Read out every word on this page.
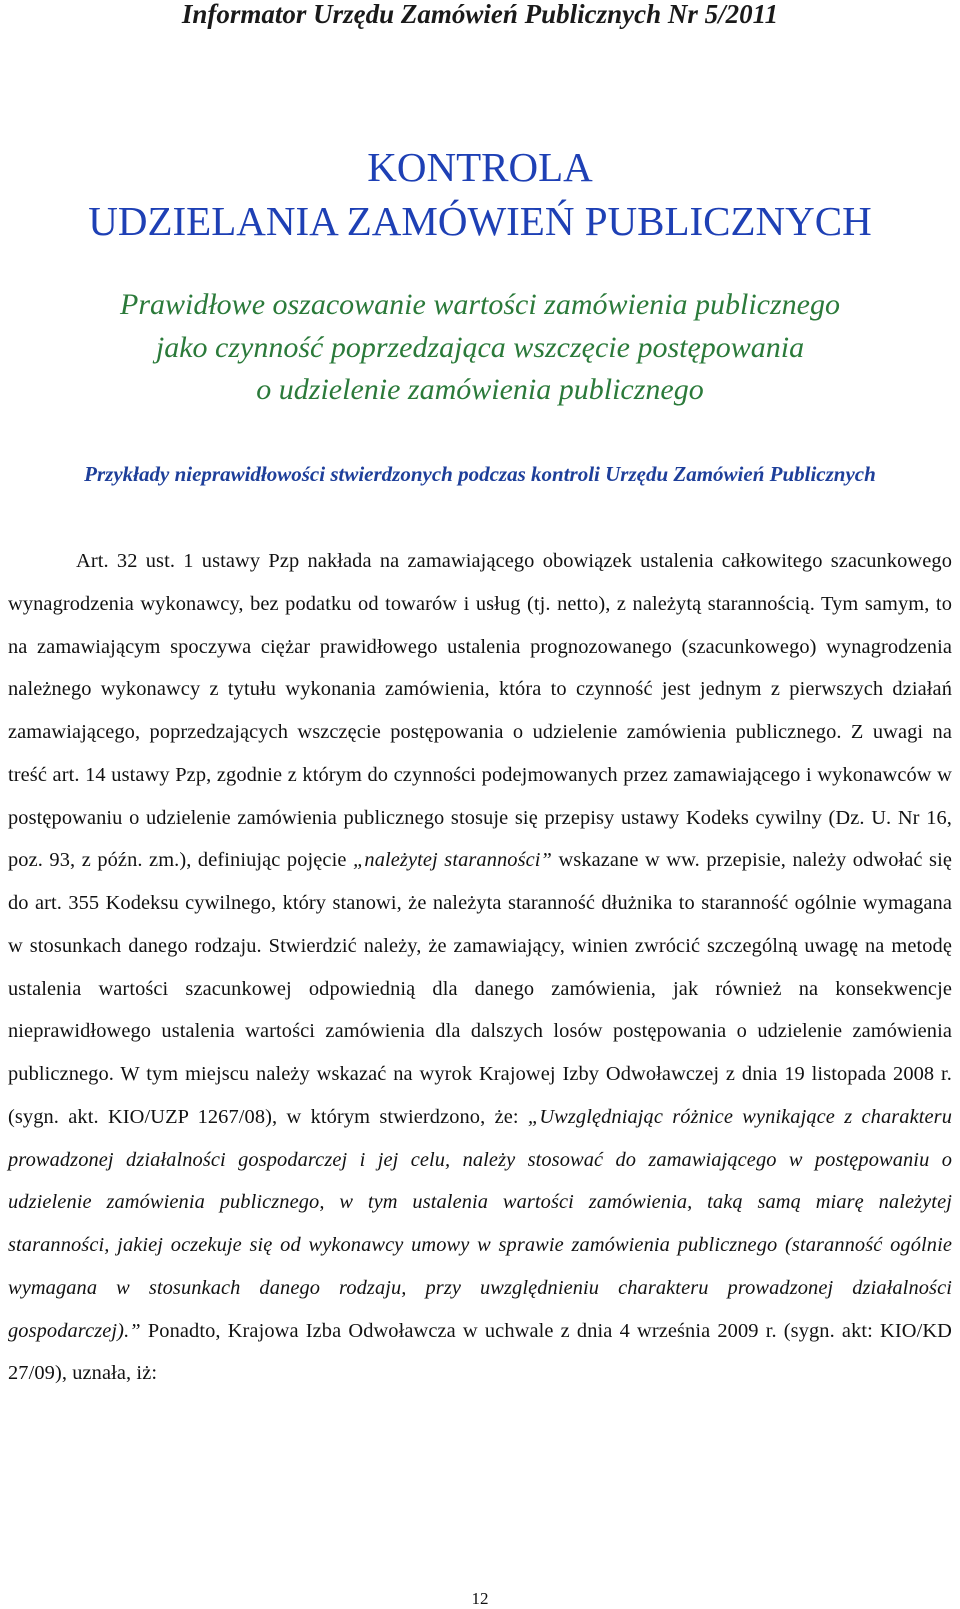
Informator Urzędu Zamówień Publicznych Nr 5/2011
KONTROLA
UDZIELANIA ZAMÓWIEŃ PUBLICZNYCH
Prawidłowe oszacowanie wartości zamówienia publicznego
jako czynność poprzedzająca wszczęcie postępowania
o udzielenie zamówienia publicznego
Przykłady nieprawidłowości stwierdzonych podczas kontroli Urzędu Zamówień Publicznych

Art. 32 ust. 1 ustawy Pzp nakłada na zamawiającego obowiązek ustalenia całkowitego szacunkowego wynagrodzenia wykonawcy, bez podatku od towarów i usług (tj. netto), z należytą starannością. Tym samym, to na zamawiającym spoczywa ciężar prawidłowego ustalenia prognozowanego (szacunkowego) wynagrodzenia należnego wykonawcy z tytułu wykonania zamówienia, która to czynność jest jednym z pierwszych działań zamawiającego, poprzedzających wszczęcie postępowania o udzielenie zamówienia publicznego. Z uwagi na treść art. 14 ustawy Pzp, zgodnie z którym do czynności podejmowanych przez zamawiającego i wykonawców w postępowaniu o udzielenie zamówienia publicznego stosuje się przepisy ustawy Kodeks cywilny (Dz. U. Nr 16, poz. 93, z późn. zm.), definiując pojęcie „należytej staranności” wskazane w ww. przepisie, należy odwołać się do art. 355 Kodeksu cywilnego, który stanowi, że należyta staranność dłużnika to staranność ogólnie wymagana w stosunkach danego rodzaju. Stwierdzić należy, że zamawiający, winien zwrócić szczególną uwagę na metodę ustalenia wartości szacunkowej odpowiednią dla danego zamówienia, jak również na konsekwencje nieprawidłowego ustalenia wartości zamówienia dla dalszych losów postępowania o udzielenie zamówienia publicznego. W tym miejscu należy wskazać na wyrok Krajowej Izby Odwoławczej z dnia 19 listopada 2008 r. (sygn. akt. KIO/UZP 1267/08), w którym stwierdzono, że: „Uwzględniając różnice wynikające z charakteru prowadzonej działalności gospodarczej i jej celu, należy stosować do zamawiającego w postępowaniu o udzielenie zamówienia publicznego, w tym ustalenia wartości zamówienia, taką samą miarę należytej staranności, jakiej oczekuje się od wykonawcy umowy w sprawie zamówienia publicznego (staranność ogólnie wymagana w stosunkach danego rodzaju, przy uwzględnieniu charakteru prowadzonej działalności gospodarczej).” Ponadto, Krajowa Izba Odwoławcza w uchwale z dnia 4 września 2009 r. (sygn. akt: KIO/KD 27/09), uznała, iż:

12
